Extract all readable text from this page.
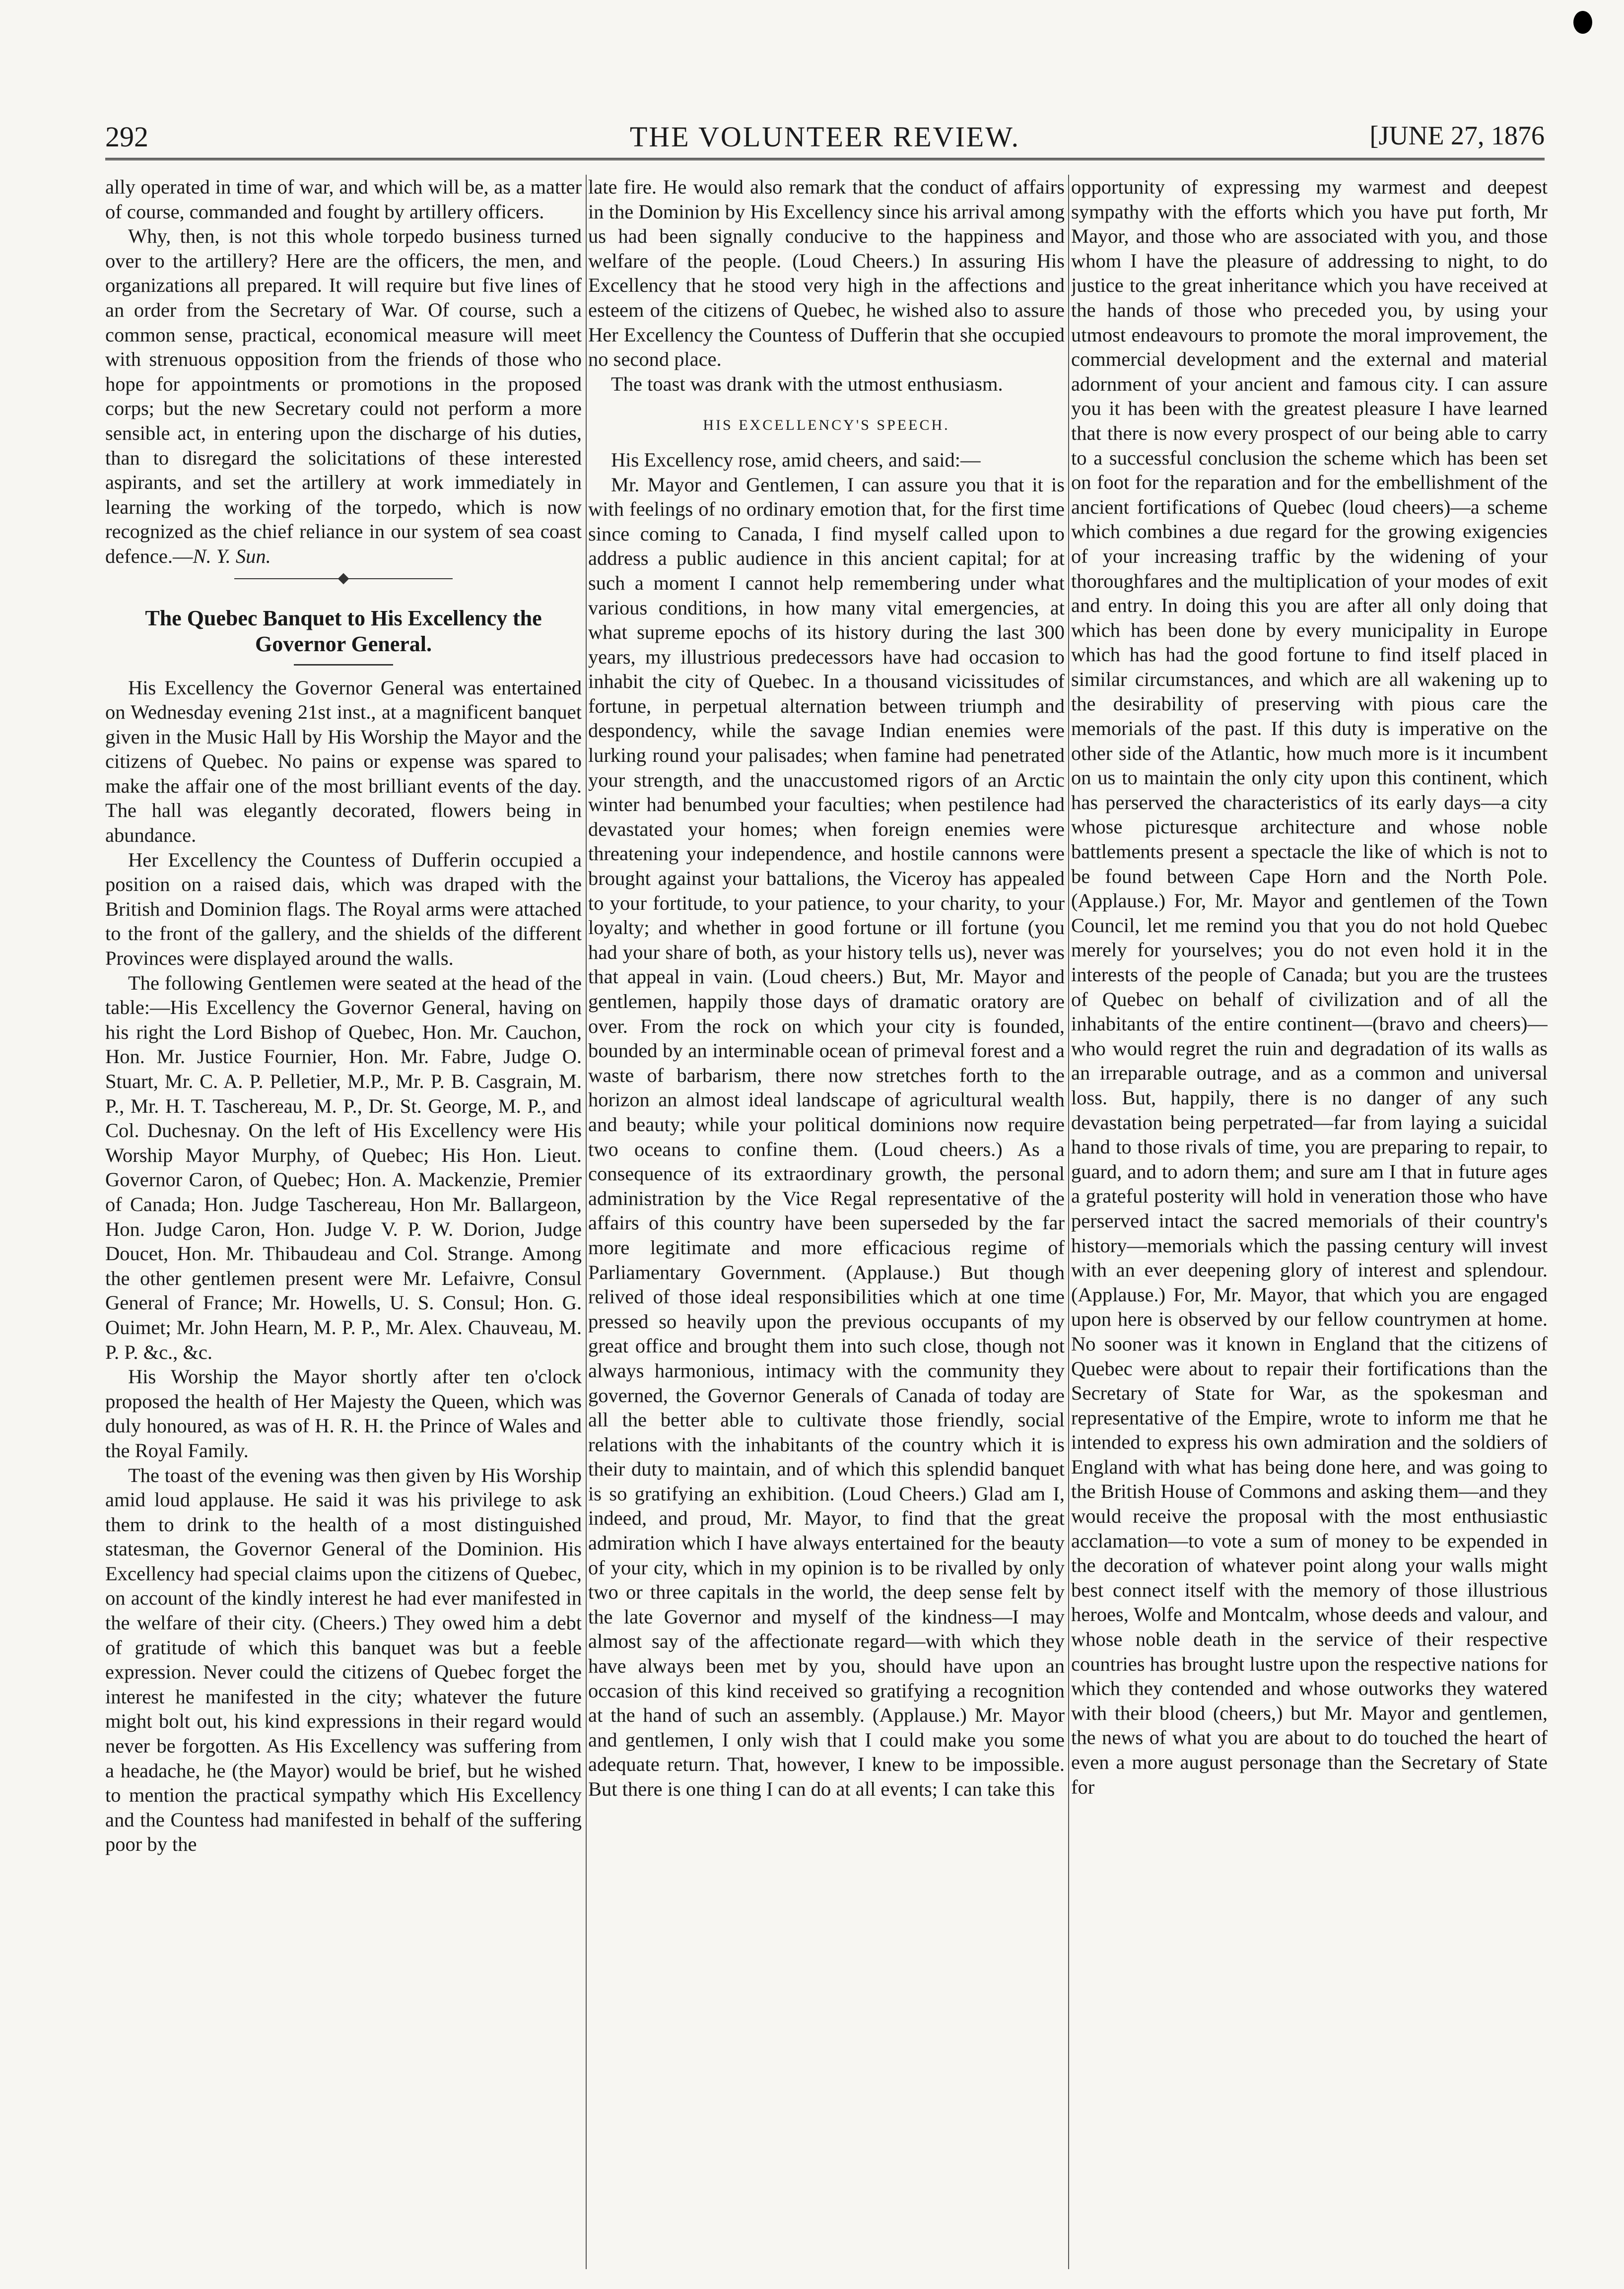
292	THE VOLUNTEER REVIEW.	[JUNE 27, 1876

ally operated in time of war, and which will be, as a matter of course, commanded and fought by artillery officers.

Why, then, is not this whole torpedo business turned over to the artillery? Here are the officers, the men, and organizations all prepared. It will require but five lines of an order from the Secretary of War. Of course, such a common sense, practical, economical measure will meet with strenuous opposition from the friends of those who hope for appointments or promotions in the proposed corps; but the new Secretary could not perform a more sensible act, in entering upon the discharge of his duties, than to disregard the solicitations of these interested aspirants, and set the artillery at work immediately in learning the working of the torpedo, which is now recognized as the chief reliance in our system of sea coast defence.—N. Y. Sun.

The Quebec Banquet to His Excellency the Governor General.

His Excellency the Governor General was entertained on Wednesday evening 21st inst., at a magnificent banquet given in the Music Hall by His Worship the Mayor and the citizens of Quebec. No pains or expense was spared to make the affair one of the most brilliant events of the day. The hall was elegantly decorated, flowers being in abundance.

Her Excellency the Countess of Dufferin occupied a position on a raised dais, which was draped with the British and Dominion flags. The Royal arms were attached to the front of the gallery, and the shields of the different Provinces were displayed around the walls.

The following Gentlemen were seated at the head of the table:—His Excellency the Governor General, having on his right the Lord Bishop of Quebec, Hon. Mr. Cauchon, Hon. Mr. Justice Fournier, Hon. Mr. Fabre, Judge O. Stuart, Mr. C. A. P. Pelletier, M.P., Mr. P. B. Casgrain, M. P., Mr. H. T. Taschereau, M. P., Dr. St. George, M. P., and Col. Duchesnay. On the left of His Excellency were His Worship Mayor Murphy, of Quebec; His Hon. Lieut. Governor Caron, of Quebec; Hon. A. Mackenzie, Premier of Canada; Hon. Judge Taschereau, Hon Mr. Ballargeon, Hon. Judge Caron, Hon. Judge V. P. W. Dorion, Judge Doucet, Hon. Mr. Thibaudeau and Col. Strange. Among the other gentlemen present were Mr. Lefaivre, Consul General of France; Mr. Howells, U. S. Consul; Hon. G. Ouimet; Mr. John Hearn, M. P. P., Mr. Alex. Chauveau, M. P. P. &c., &c.

His Worship the Mayor shortly after ten o'clock proposed the health of Her Majesty the Queen, which was duly honoured, as was of H. R. H. the Prince of Wales and the Royal Family.

The toast of the evening was then given by His Worship amid loud applause. He said it was his privilege to ask them to drink to the health of a most distinguished statesman, the Governor General of the Dominion. His Excellency had special claims upon the citizens of Quebec, on account of the kindly interest he had ever manifested in the welfare of their city. (Cheers.) They owed him a debt of gratitude of which this banquet was but a feeble expression. Never could the citizens of Quebec forget the interest he manifested in the city; whatever the future might bolt out, his kind expressions in their regard would never be forgotten. As His Excellency was suffering from a headache, he (the Mayor) would be brief, but he wished to mention the practical sympathy which His Excellency and the Countess had manifested in behalf of the suffering poor by the

late fire. He would also remark that the conduct of affairs in the Dominion by His Excellency since his arrival among us had been signally conducive to the happiness and welfare of the people. (Loud Cheers.) In assuring His Excellency that he stood very high in the affections and esteem of the citizens of Quebec, he wished also to assure Her Excellency the Countess of Dufferin that she occupied no second place.

The toast was drank with the utmost enthusiasm.

HIS EXCELLENCY'S SPEECH.

His Excellency rose, amid cheers, and said:—

Mr. Mayor and Gentlemen, I can assure you that it is with feelings of no ordinary emotion that, for the first time since coming to Canada, I find myself called upon to address a public audience in this ancient capital; for at such a moment I cannot help remembering under what various conditions, in how many vital emergencies, at what supreme epochs of its history during the last 300 years, my illustrious predecessors have had occasion to inhabit the city of Quebec. In a thousand vicissitudes of fortune, in perpetual alternation between triumph and despondency, while the savage Indian enemies were lurking round your palisades; when famine had penetrated your strength, and the unaccustomed rigors of an Arctic winter had benumbed your faculties; when pestilence had devastated your homes; when foreign enemies were threatening your independence, and hostile cannons were brought against your battalions, the Viceroy has appealed to your fortitude, to your patience, to your charity, to your loyalty; and whether in good fortune or ill fortune (you had your share of both, as your history tells us), never was that appeal in vain. (Loud cheers.) But, Mr. Mayor and gentlemen, happily those days of dramatic oratory are over. From the rock on which your city is founded, bounded by an interminable ocean of primeval forest and a waste of barbarism, there now stretches forth to the horizon an almost ideal landscape of agricultural wealth and beauty; while your political dominions now require two oceans to confine them. (Loud cheers.) As a consequence of its extraordinary growth, the personal administration by the Vice Regal representative of the affairs of this country have been superseded by the far more legitimate and more efficacious regime of Parliamentary Government. (Applause.) But though relived of those ideal responsibilities which at one time pressed so heavily upon the previous occupants of my great office and brought them into such close, though not always harmonious, intimacy with the community they governed, the Governor Generals of Canada of today are all the better able to cultivate those friendly, social relations with the inhabitants of the country which it is their duty to maintain, and of which this splendid banquet is so gratifying an exhibition. (Loud Cheers.) Glad am I, indeed, and proud, Mr. Mayor, to find that the great admiration which I have always entertained for the beauty of your city, which in my opinion is to be rivalled by only two or three capitals in the world, the deep sense felt by the late Governor and myself of the kindness—I may almost say of the affectionate regard—with which they have always been met by you, should have upon an occasion of this kind received so gratifying a recognition at the hand of such an assembly. (Applause.) Mr. Mayor and gentlemen, I only wish that I could make you some adequate return. That, however, I knew to be impossible. But there is one thing I can do at all events; I can take this

opportunity of expressing my warmest and deepest sympathy with the efforts which you have put forth, Mr Mayor, and those who are associated with you, and those whom I have the pleasure of addressing to night, to do justice to the great inheritance which you have received at the hands of those who preceded you, by using your utmost endeavours to promote the moral improvement, the commercial development and the external and material adornment of your ancient and famous city. I can assure you it has been with the greatest pleasure I have learned that there is now every prospect of our being able to carry to a successful conclusion the scheme which has been set on foot for the reparation and for the embellishment of the ancient fortifications of Quebec (loud cheers)—a scheme which combines a due regard for the growing exigencies of your increasing traffic by the widening of your thoroughfares and the multiplication of your modes of exit and entry. In doing this you are after all only doing that which has been done by every municipality in Europe which has had the good fortune to find itself placed in similar circumstances, and which are all wakening up to the desirability of preserving with pious care the memorials of the past. If this duty is imperative on the other side of the Atlantic, how much more is it incumbent on us to maintain the only city upon this continent, which has perserved the characteristics of its early days—a city whose picturesque architecture and whose noble battlements present a spectacle the like of which is not to be found between Cape Horn and the North Pole. (Applause.) For, Mr. Mayor and gentlemen of the Town Council, let me remind you that you do not hold Quebec merely for yourselves; you do not even hold it in the interests of the people of Canada; but you are the trustees of Quebec on behalf of civilization and of all the inhabitants of the entire continent—(bravo and cheers)—who would regret the ruin and degradation of its walls as an irreparable outrage, and as a common and universal loss. But, happily, there is no danger of any such devastation being perpetrated—far from laying a suicidal hand to those rivals of time, you are preparing to repair, to guard, and to adorn them; and sure am I that in future ages a grateful posterity will hold in veneration those who have perserved intact the sacred memorials of their country's history—memorials which the passing century will invest with an ever deepening glory of interest and splendour. (Applause.) For, Mr. Mayor, that which you are engaged upon here is observed by our fellow countrymen at home. No sooner was it known in England that the citizens of Quebec were about to repair their fortifications than the Secretary of State for War, as the spokesman and representative of the Empire, wrote to inform me that he intended to express his own admiration and the soldiers of England with what has being done here, and was going to the British House of Commons and asking them—and they would receive the proposal with the most enthusiastic acclamation—to vote a sum of money to be expended in the decoration of whatever point along your walls might best connect itself with the memory of those illustrious heroes, Wolfe and Montcalm, whose deeds and valour, and whose noble death in the service of their respective countries has brought lustre upon the respective nations for which they contended and whose outworks they watered with their blood (cheers,) but Mr. Mayor and gentlemen, the news of what you are about to do touched the heart of even a more august personage than the Secretary of State for
